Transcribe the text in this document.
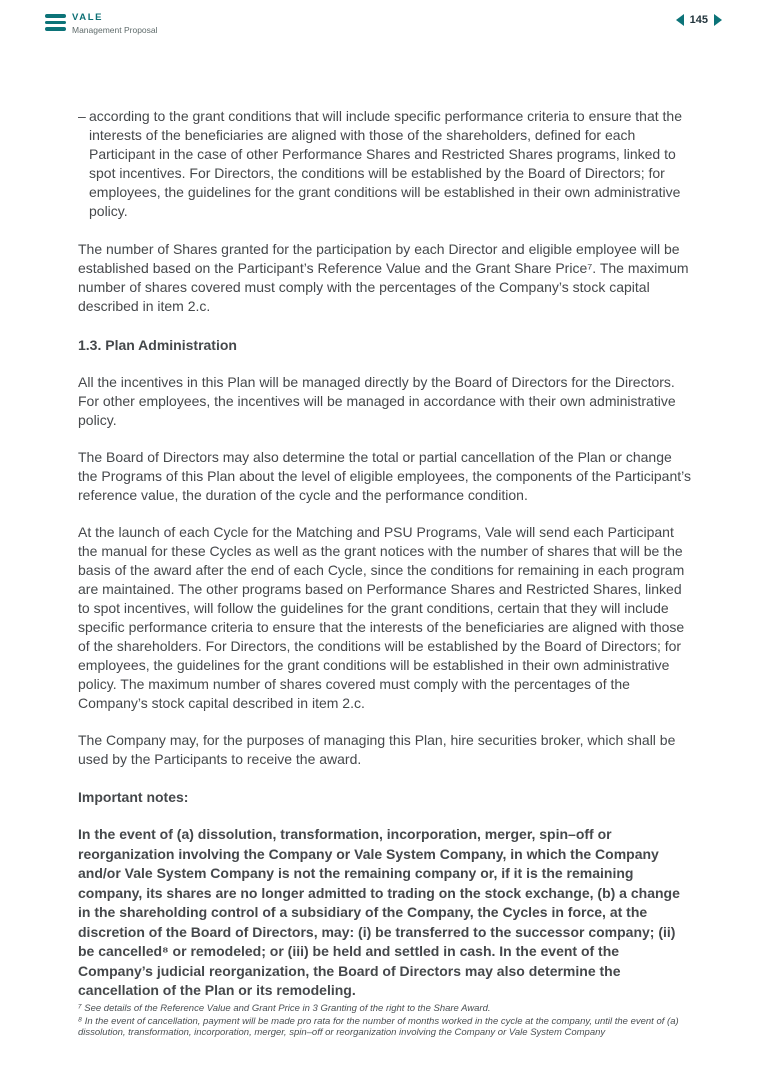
VALE
Management Proposal
145
– according to the grant conditions that will include specific performance criteria to ensure that the interests of the beneficiaries are aligned with those of the shareholders, defined for each Participant in the case of other Performance Shares and Restricted Shares programs, linked to spot incentives. For Directors, the conditions will be established by the Board of Directors; for employees, the guidelines for the grant conditions will be established in their own administrative policy.

The number of Shares granted for the participation by each Director and eligible employee will be established based on the Participant’s Reference Value and the Grant Share Price⁷. The maximum number of shares covered must comply with the percentages of the Company’s stock capital described in item 2.c.

1.3. Plan Administration

All the incentives in this Plan will be managed directly by the Board of Directors for the Directors. For other employees, the incentives will be managed in accordance with their own administrative policy.

The Board of Directors may also determine the total or partial cancellation of the Plan or change the Programs of this Plan about the level of eligible employees, the components of the Participant’s reference value, the duration of the cycle and the performance condition.

At the launch of each Cycle for the Matching and PSU Programs, Vale will send each Participant the manual for these Cycles as well as the grant notices with the number of shares that will be the basis of the award after the end of each Cycle, since the conditions for remaining in each program are maintained. The other programs based on Performance Shares and Restricted Shares, linked to spot incentives, will follow the guidelines for the grant conditions, certain that they will include specific performance criteria to ensure that the interests of the beneficiaries are aligned with those of the shareholders. For Directors, the conditions will be established by the Board of Directors; for employees, the guidelines for the grant conditions will be established in their own administrative policy. The maximum number of shares covered must comply with the percentages of the Company’s stock capital described in item 2.c.

The Company may, for the purposes of managing this Plan, hire securities broker, which shall be used by the Participants to receive the award.

Important notes:

In the event of (a) dissolution, transformation, incorporation, merger, spin–off or reorganization involving the Company or Vale System Company, in which the Company and/or Vale System Company is not the remaining company or, if it is the remaining company, its shares are no longer admitted to trading on the stock exchange, (b) a change in the shareholding control of a subsidiary of the Company, the Cycles in force, at the discretion of the Board of Directors, may: (i) be transferred to the successor company; (ii) be cancelled⁸ or remodeled; or (iii) be held and settled in cash. In the event of the Company’s judicial reorganization, the Board of Directors may also determine the cancellation of the Plan or its remodeling.

⁷ See details of the Reference Value and Grant Price in 3 Granting of the right to the Share Award.
⁸ In the event of cancellation, payment will be made pro rata for the number of months worked in the cycle at the company, until the event of (a) dissolution, transformation, incorporation, merger, spin–off or reorganization involving the Company or Vale System Company
